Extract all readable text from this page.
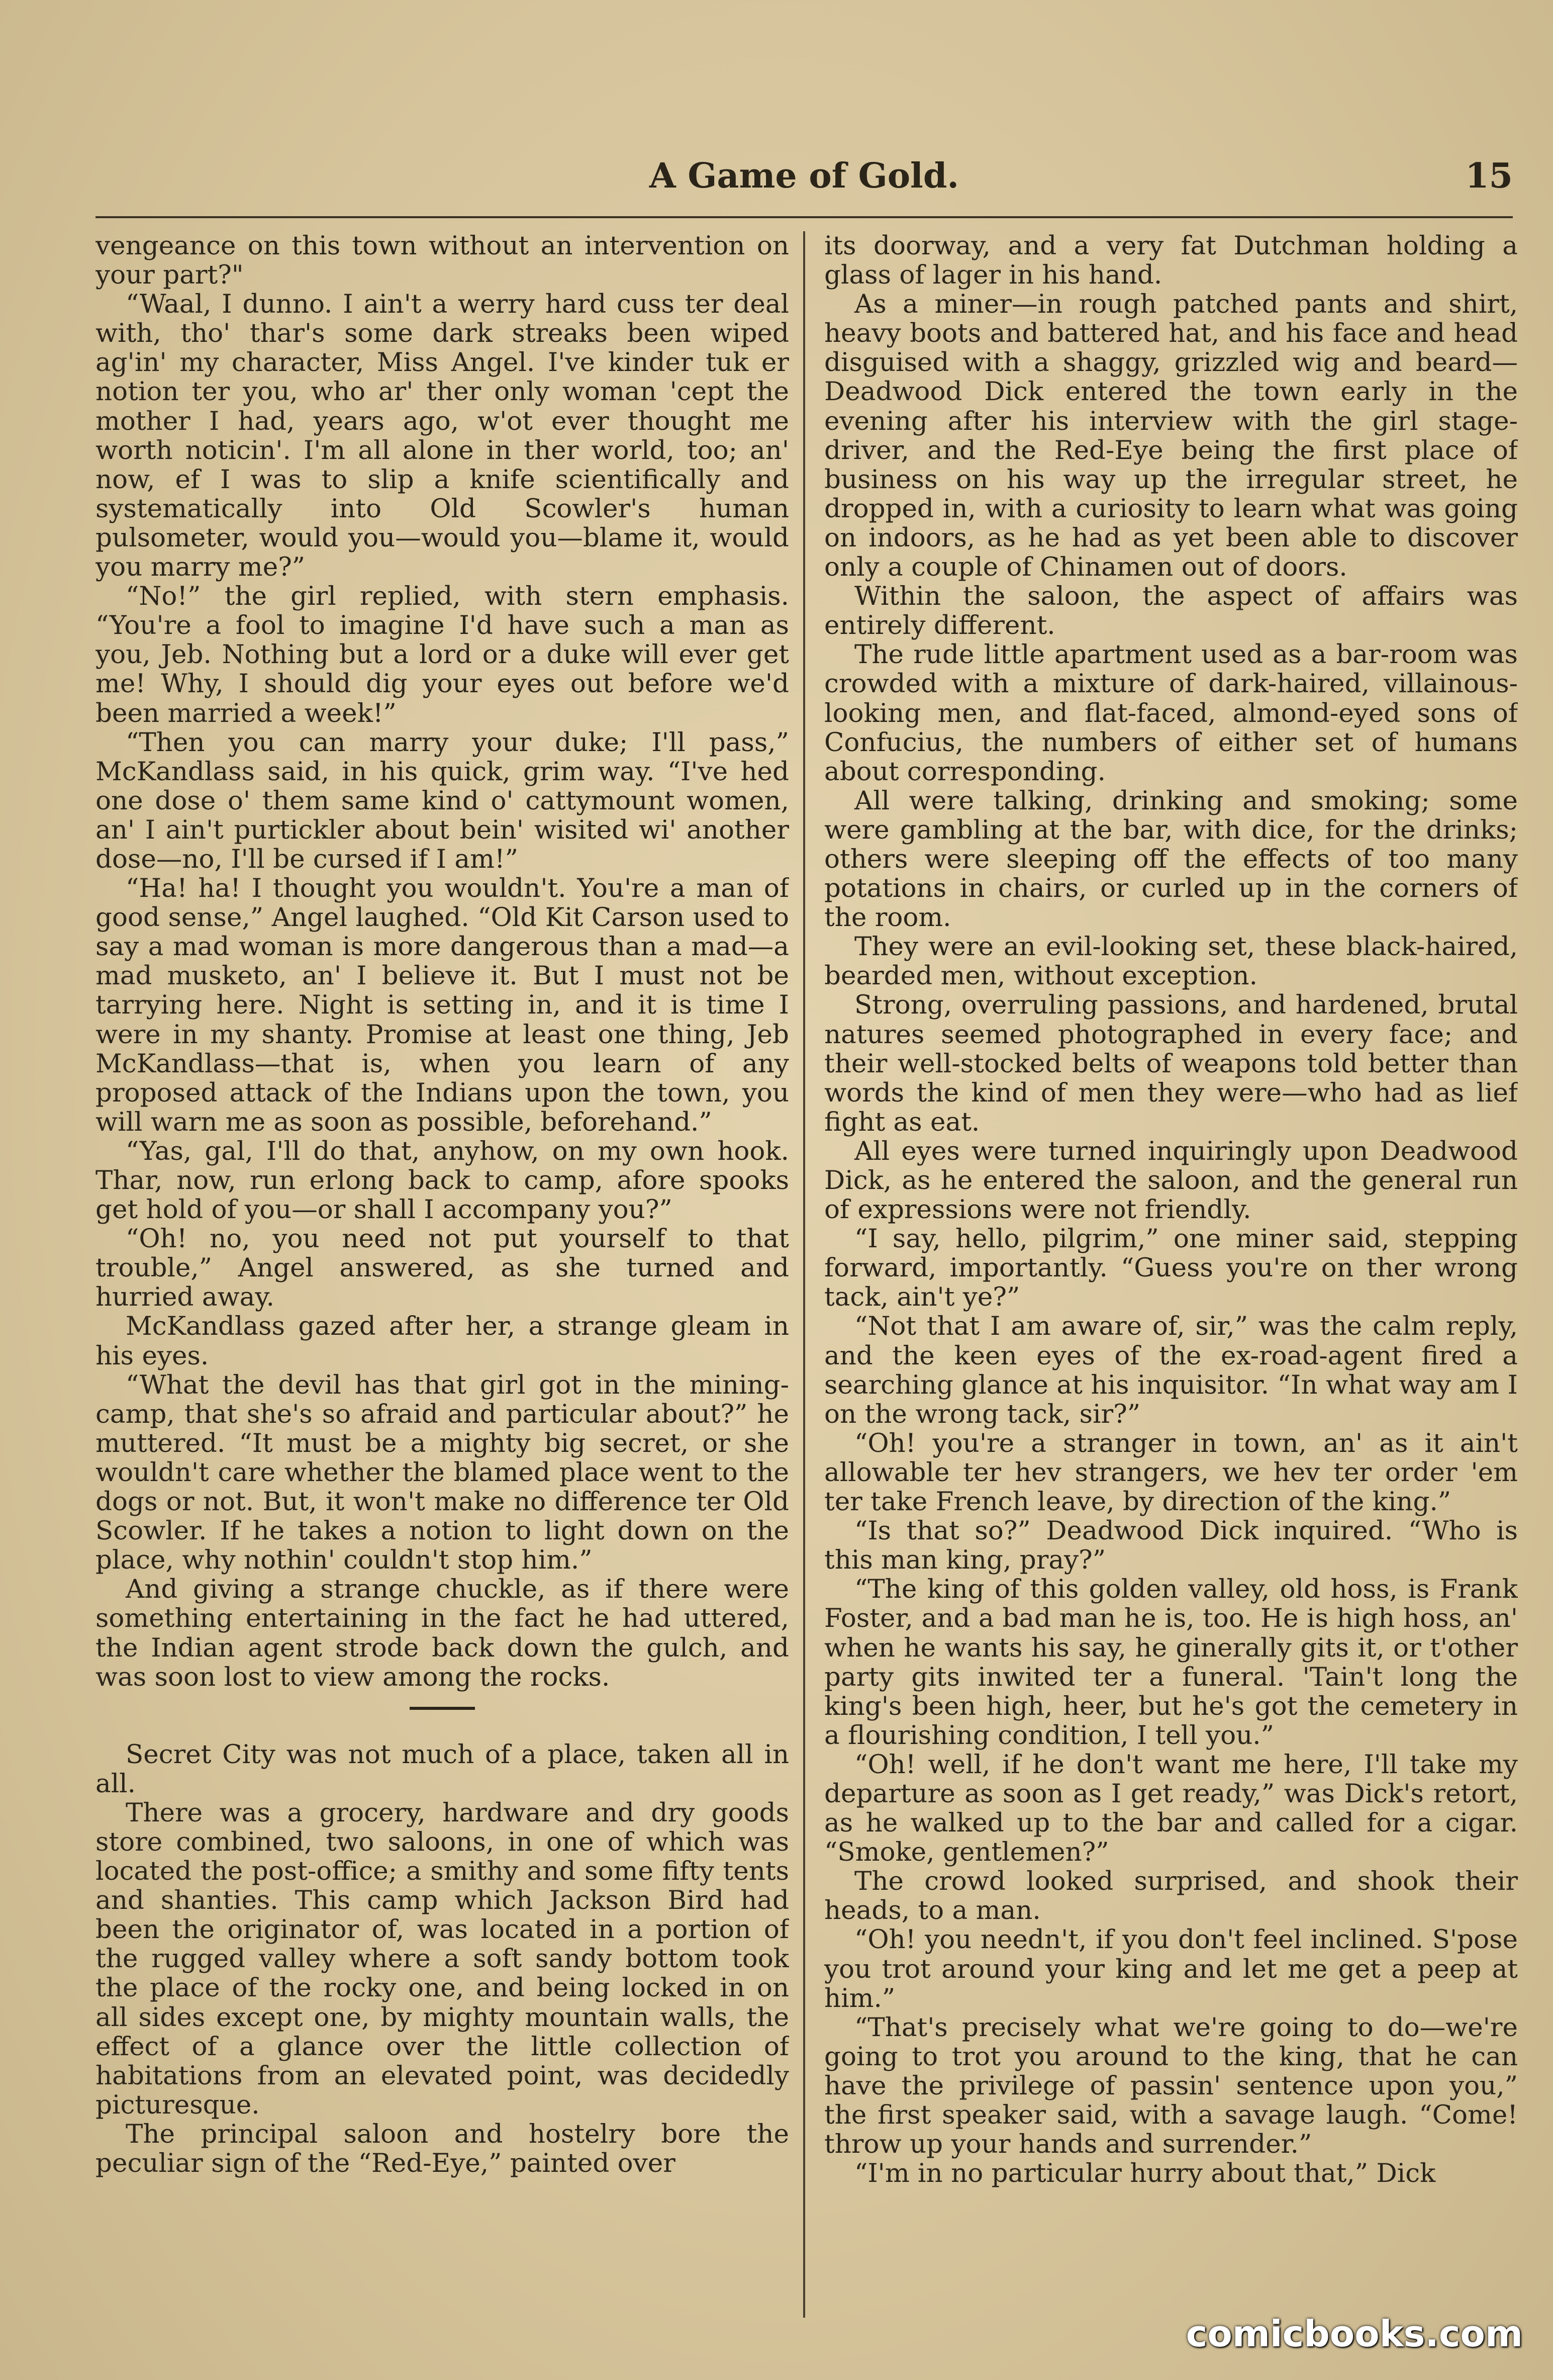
A Game of Gold.	15

vengeance on this town without an intervention on your part?"

“Waal, I dunno. I ain't a werry hard cuss ter deal with, tho' thar's some dark streaks been wiped ag'in' my character, Miss Angel. I've kinder tuk er notion ter you, who ar' ther only woman 'cept the mother I had, years ago, w'ot ever thought me worth noticin'. I'm all alone in ther world, too; an' now, ef I was to slip a knife scientifically and systematically into Old Scowler's human pulsometer, would you—would you—blame it, would you marry me?”

“No!” the girl replied, with stern emphasis. “You're a fool to imagine I'd have such a man as you, Jeb. Nothing but a lord or a duke will ever get me! Why, I should dig your eyes out before we'd been married a week!”

“Then you can marry your duke; I'll pass,” McKandlass said, in his quick, grim way. “I've hed one dose o' them same kind o' cattymount women, an' I ain't purtickler about bein' wisited wi' another dose—no, I'll be cursed if I am!”

“Ha! ha! I thought you wouldn't. You're a man of good sense,” Angel laughed. “Old Kit Carson used to say a mad woman is more dangerous than a mad—a mad musketo, an' I believe it. But I must not be tarrying here. Night is setting in, and it is time I were in my shanty. Promise at least one thing, Jeb McKandlass—that is, when you learn of any proposed attack of the Indians upon the town, you will warn me as soon as possible, beforehand.”

“Yas, gal, I'll do that, anyhow, on my own hook. Thar, now, run erlong back to camp, afore spooks get hold of you—or shall I accompany you?”

“Oh! no, you need not put yourself to that trouble,” Angel answered, as she turned and hurried away.

McKandlass gazed after her, a strange gleam in his eyes.

“What the devil has that girl got in the mining-camp, that she's so afraid and particular about?” he muttered. “It must be a mighty big secret, or she wouldn't care whether the blamed place went to the dogs or not. But, it won't make no difference ter Old Scowler. If he takes a notion to light down on the place, why nothin' couldn't stop him.”

And giving a strange chuckle, as if there were something entertaining in the fact he had uttered, the Indian agent strode back down the gulch, and was soon lost to view among the rocks.

Secret City was not much of a place, taken all in all.

There was a grocery, hardware and dry goods store combined, two saloons, in one of which was located the post-office; a smithy and some fifty tents and shanties. This camp which Jackson Bird had been the originator of, was located in a portion of the rugged valley where a soft sandy bottom took the place of the rocky one, and being locked in on all sides except one, by mighty mountain walls, the effect of a glance over the little collection of habitations from an elevated point, was decidedly picturesque.

The principal saloon and hostelry bore the peculiar sign of the “Red-Eye,” painted over

its doorway, and a very fat Dutchman holding a glass of lager in his hand.

As a miner—in rough patched pants and shirt, heavy boots and battered hat, and his face and head disguised with a shaggy, grizzled wig and beard—Deadwood Dick entered the town early in the evening after his interview with the girl stage-driver, and the Red-Eye being the first place of business on his way up the irregular street, he dropped in, with a curiosity to learn what was going on indoors, as he had as yet been able to discover only a couple of Chinamen out of doors.

Within the saloon, the aspect of affairs was entirely different.

The rude little apartment used as a bar-room was crowded with a mixture of dark-haired, villainous-looking men, and flat-faced, almond-eyed sons of Confucius, the numbers of either set of humans about corresponding.

All were talking, drinking and smoking; some were gambling at the bar, with dice, for the drinks; others were sleeping off the effects of too many potations in chairs, or curled up in the corners of the room.

They were an evil-looking set, these black-haired, bearded men, without exception.

Strong, overruling passions, and hardened, brutal natures seemed photographed in every face; and their well-stocked belts of weapons told better than words the kind of men they were—who had as lief fight as eat.

All eyes were turned inquiringly upon Deadwood Dick, as he entered the saloon, and the general run of expressions were not friendly.

“I say, hello, pilgrim,” one miner said, stepping forward, importantly. “Guess you're on ther wrong tack, ain't ye?”

“Not that I am aware of, sir,” was the calm reply, and the keen eyes of the ex-road-agent fired a searching glance at his inquisitor. “In what way am I on the wrong tack, sir?”

“Oh! you're a stranger in town, an' as it ain't allowable ter hev strangers, we hev ter order 'em ter take French leave, by direction of the king.”

“Is that so?” Deadwood Dick inquired. “Who is this man king, pray?”

“The king of this golden valley, old hoss, is Frank Foster, and a bad man he is, too. He is high hoss, an' when he wants his say, he ginerally gits it, or t'other party gits inwited ter a funeral. 'Tain't long the king's been high, heer, but he's got the cemetery in a flourishing condition, I tell you.”

“Oh! well, if he don't want me here, I'll take my departure as soon as I get ready,” was Dick's retort, as he walked up to the bar and called for a cigar. “Smoke, gentlemen?”

The crowd looked surprised, and shook their heads, to a man.

“Oh! you needn't, if you don't feel inclined. S'pose you trot around your king and let me get a peep at him.”

“That's precisely what we're going to do—we're going to trot you around to the king, that he can have the privilege of passin' sentence upon you,” the first speaker said, with a savage laugh. “Come! throw up your hands and surrender.”

“I'm in no particular hurry about that,” Dick

comicbooks.com
